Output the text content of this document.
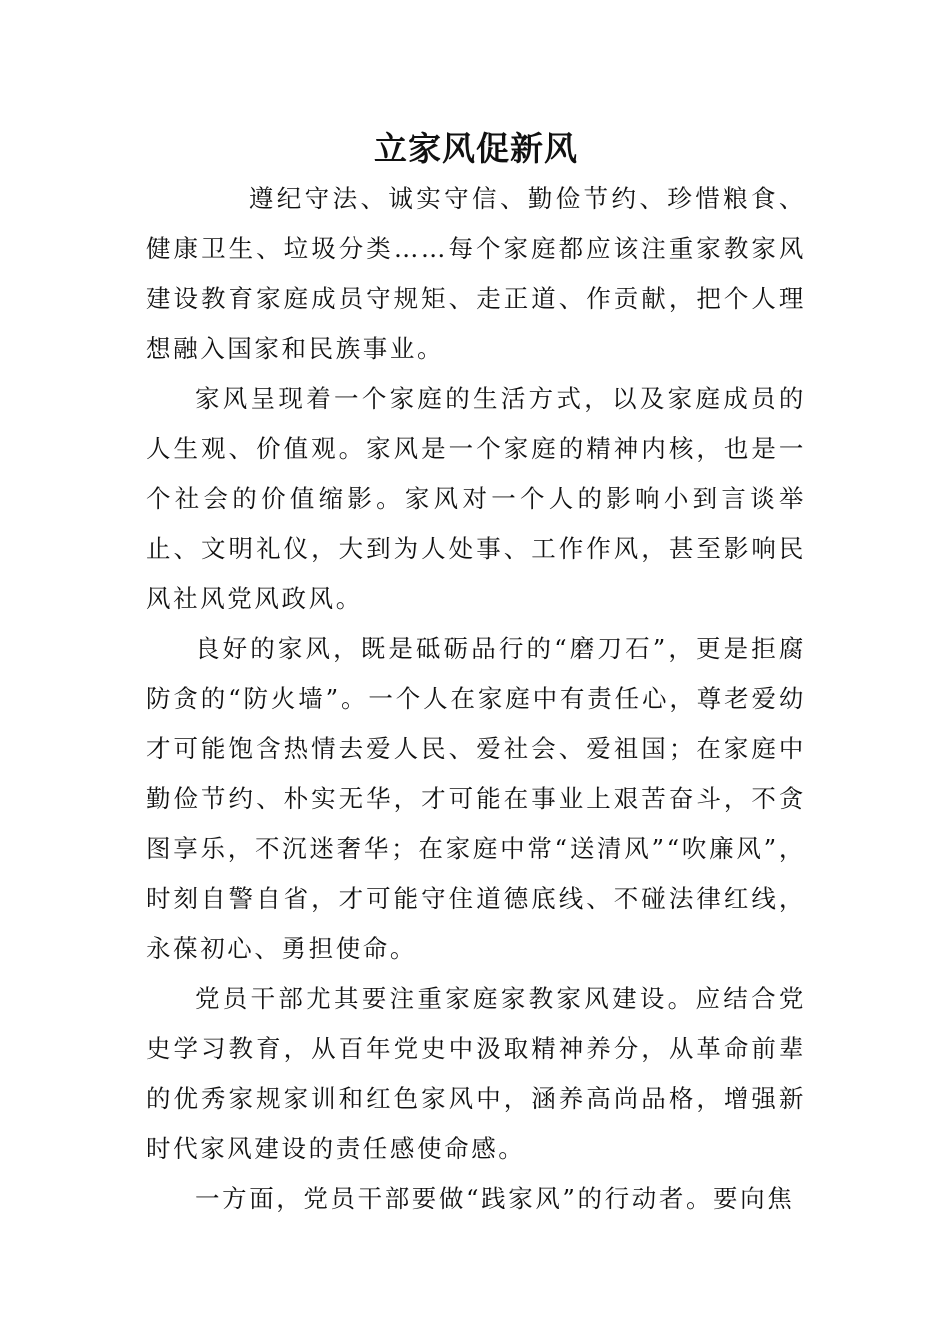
立家风促新风

遵纪守法、诚实守信、勤俭节约、珍惜粮食、健康卫生、垃圾分类……每个家庭都应该注重家教家风建设教育家庭成员守规矩、走正道、作贡献，把个人理想融入国家和民族事业。

家风呈现着一个家庭的生活方式，以及家庭成员的人生观、价值观。家风是一个家庭的精神内核，也是一个社会的价值缩影。家风对一个人的影响小到言谈举止、文明礼仪，大到为人处事、工作作风，甚至影响民风社风党风政风。

良好的家风，既是砥砺品行的“磨刀石”，更是拒腐防贪的“防火墙”。一个人在家庭中有责任心，尊老爱幼才可能饱含热情去爱人民、爱社会、爱祖国；在家庭中勤俭节约、朴实无华，才可能在事业上艰苦奋斗，不贪图享乐，不沉迷奢华；在家庭中常“送清风”“吹廉风”，时刻自警自省，才可能守住道德底线、不碰法律红线，永葆初心、勇担使命。

党员干部尤其要注重家庭家教家风建设。应结合党史学习教育，从百年党史中汲取精神养分，从革命前辈的优秀家规家训和红色家风中，涵养高尚品格，增强新时代家风建设的责任感使命感。

一方面，党员干部要做“践家风”的行动者。要向焦
